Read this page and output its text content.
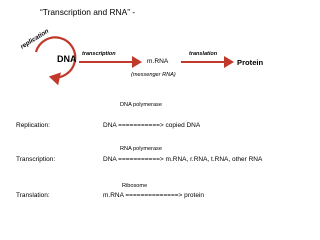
“Transcription and RNA” -
replication
DNA transcription
m.RNA
(messenger RNA)
translation
Protein
DNA polymerase
Replication:	DNA ===========> copied DNA
RNA polymerase
Transcription:	DNA ===========> m.RNA, r.RNA, t.RNA, other RNA
Ribosome
Translation:	m.RNA ==============> protein
